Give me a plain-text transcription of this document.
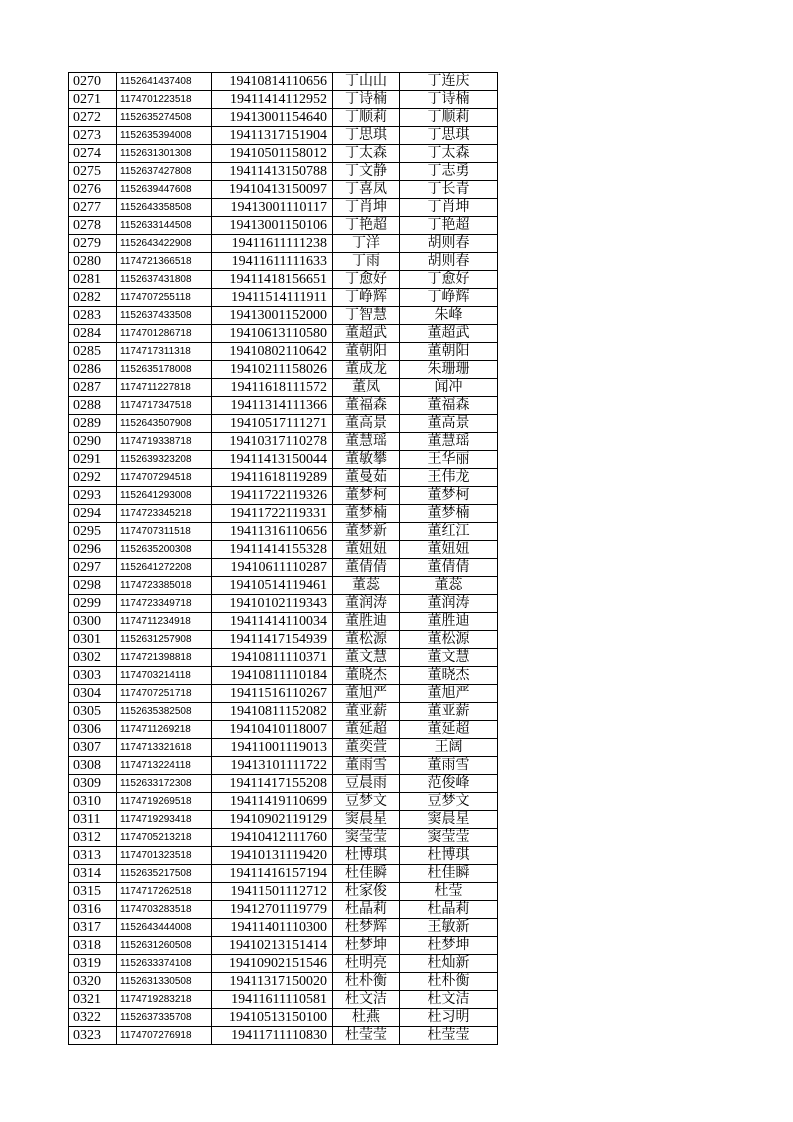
0270	1152641437408	19410814110656	丁山山	丁连庆
0271	1174701223518	19411414112952	丁诗楠	丁诗楠
0272	1152635274508	19413001154640	丁顺莉	丁顺莉
0273	1152635394008	19411317151904	丁思琪	丁思琪
0274	1152631301308	19410501158012	丁太森	丁太森
0275	1152637427808	19411413150788	丁文静	丁志勇
0276	1152639447608	19410413150097	丁喜凤	丁长青
0277	1152643358508	19413001110117	丁肖坤	丁肖坤
0278	1152633144508	19413001150106	丁艳超	丁艳超
0279	1152643422908	19411611111238	丁洋	胡则春
0280	1174721366518	19411611111633	丁雨	胡则春
0281	1152637431808	19411418156651	丁愈好	丁愈好
0282	1174707255118	19411514111911	丁峥辉	丁峥辉
0283	1152637433508	19413001152000	丁智慧	朱峰
0284	1174701286718	19410613110580	董超武	董超武
0285	1174717311318	19410802110642	董朝阳	董朝阳
0286	1152635178008	19410211158026	董成龙	朱珊珊
0287	1174711227818	19411618111572	董凤	闻冲
0288	1174717347518	19411314111366	董福森	董福森
0289	1152643507908	19410517111271	董高景	董高景
0290	1174719338718	19410317110278	董慧瑶	董慧瑶
0291	1152639323208	19411413150044	董敏攀	王华丽
0292	1174707294518	19411618119289	董曼茹	王伟龙
0293	1152641293008	19411722119326	董梦柯	董梦柯
0294	1174723345218	19411722119331	董梦楠	董梦楠
0295	1174707311518	19411316110656	董梦新	董红江
0296	1152635200308	19411414155328	董妞妞	董妞妞
0297	1152641272208	19410611110287	董倩倩	董倩倩
0298	1174723385018	19410514119461	董蕊	董蕊
0299	1174723349718	19410102119343	董润涛	董润涛
0300	1174711234918	19411414110034	董胜迪	董胜迪
0301	1152631257908	19411417154939	董松源	董松源
0302	1174721398818	19410811110371	董文慧	董文慧
0303	1174703214118	19410811110184	董晓杰	董晓杰
0304	1174707251718	19411516110267	董旭严	董旭严
0305	1152635382508	19410811152082	董亚薪	董亚薪
0306	1174711269218	19410410118007	董延超	董延超
0307	1174713321618	19411001119013	董奕萱	王阔
0308	1174713224118	19413101111722	董雨雪	董雨雪
0309	1152633172308	19411417155208	豆晨雨	范俊峰
0310	1174719269518	19411419110699	豆梦文	豆梦文
0311	1174719293418	19410902119129	窦晨星	窦晨星
0312	1174705213218	19410412111760	窦莹莹	窦莹莹
0313	1174701323518	19410131119420	杜博琪	杜博琪
0314	1152635217508	19411416157194	杜佳瞬	杜佳瞬
0315	1174717262518	19411501112712	杜家俊	杜莹
0316	1174703283518	19412701119779	杜晶莉	杜晶莉
0317	1152643444008	19411401110300	杜梦辉	王敏新
0318	1152631260508	19410213151414	杜梦坤	杜梦坤
0319	1152633374108	19410902151546	杜明亮	杜灿新
0320	1152631330508	19411317150020	杜朴衡	杜朴衡
0321	1174719283218	19411611110581	杜文洁	杜文洁
0322	1152637335708	19410513150100	杜燕	杜习明
0323	1174707276918	19411711110830	杜莹莹	杜莹莹
